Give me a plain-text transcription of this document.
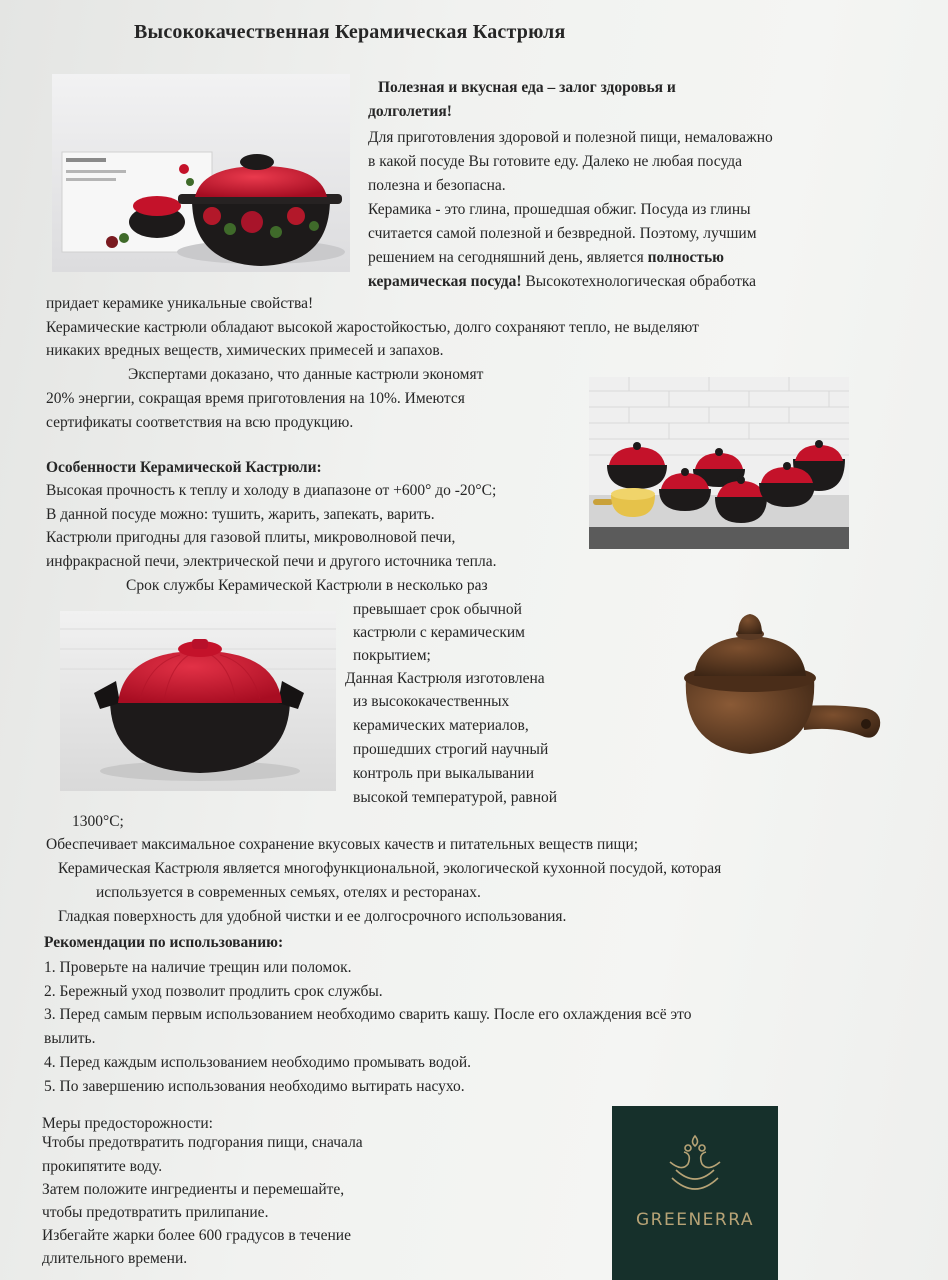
Высококачественная Керамическая Кастрюля
Полезная и вкусная еда – залог здоровья и
долголетия!
Для приготовления здоровой и полезной пищи, немаловажно
в какой посуде Вы готовите еду. Далеко не любая посуда
полезна и безопасна.
Керамика - это глина, прошедшая обжиг. Посуда из глины
считается самой полезной и безвредной. Поэтому, лучшим
решением на сегодняшний день, является полностью
керамическая посуда! Высокотехнологическая обработка
придает керамике уникальные свойства!
Керамические кастрюли обладают высокой жаростойкостью, долго сохраняют тепло, не выделяют
никаких вредных веществ, химических примесей и запахов.
Экспертами доказано, что данные кастрюли экономят
20% энергии, сокращая время приготовления на 10%. Имеются
сертификаты соответствия на всю продукцию.
Особенности Керамической Кастрюли:
Высокая прочность к теплу и холоду в диапазоне от +600° до -20°C;
В данной посуде можно: тушить, жарить, запекать, варить.
Кастрюли пригодны для газовой плиты, микроволновой печи,
инфракрасной печи, электрической печи и другого источника тепла.
Срок службы Керамической Кастрюли в несколько раз
превышает срок обычной
кастрюли с керамическим
покрытием;
Данная Кастрюля изготовлена
из высококачественных
керамических материалов,
прошедших строгий научный
контроль при выкалывании
высокой температурой, равной
1300°C;
Обеспечивает максимальное сохранение вкусовых качеств и питательных веществ пищи;
Керамическая Кастрюля является многофункциональной, экологической кухонной посудой, которая
используется в современных семьях, отелях и ресторанах.
Гладкая поверхность для удобной чистки и ее долгосрочного использования.
Рекомендации по использованию:
1. Проверьте на наличие трещин или поломок.
2. Бережный уход позволит продлить срок службы.
3. Перед самым первым использованием необходимо сварить кашу. После его охлаждения всё это
вылить.
4. Перед каждым использованием необходимо промывать водой.
5. По завершению использования необходимо вытирать насухо.
Меры предосторожности:
Чтобы предотвратить подгорания пищи, сначала
прокипятите воду.
Затем положите ингредиенты и перемешайте,
чтобы предотвратить прилипание.
Избегайте жарки более 600 градусов в течение
длительного времени.
GREENERRA
